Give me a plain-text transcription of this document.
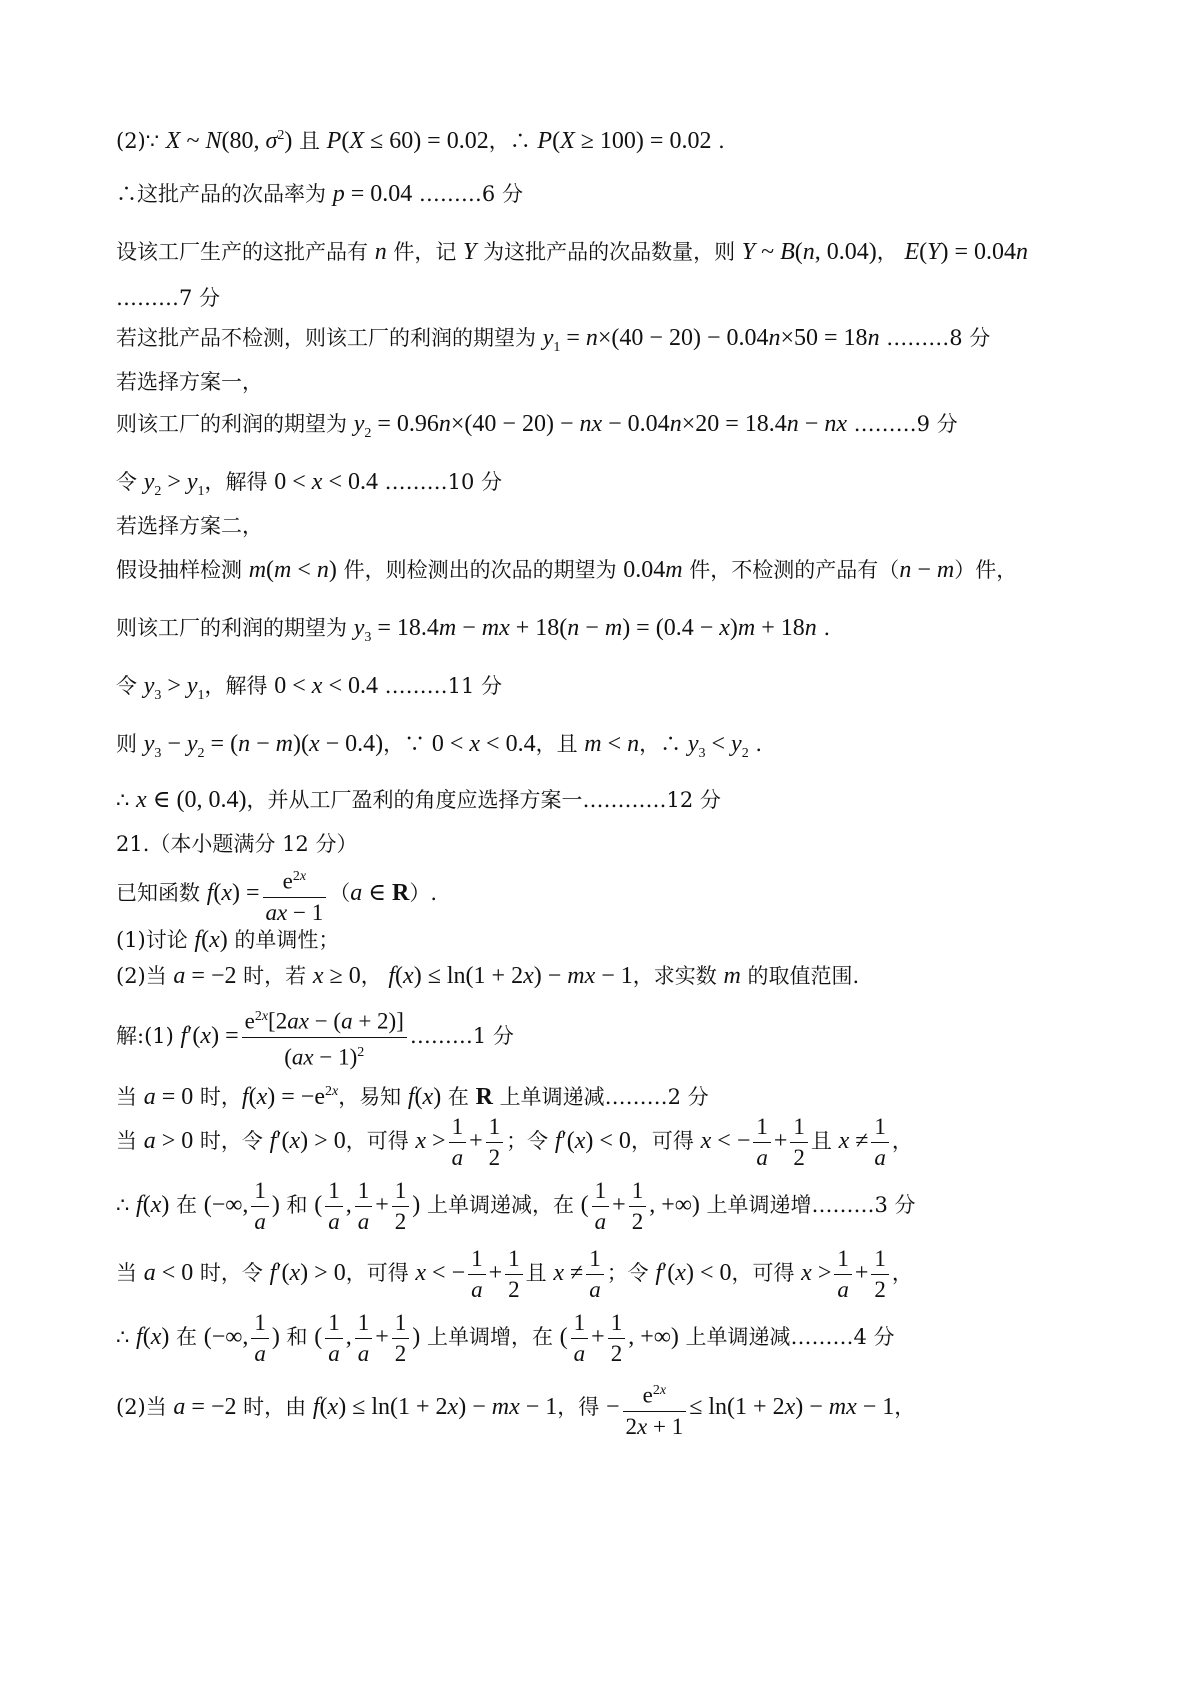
(2)∵ X ~ N(80, $\sigma^2$) 且 P(X ≤ 60) = 0.02，∴ P(X ≥ 100) = 0.02 .
∴这批产品的次品率为 p = 0.04 ………6 分
设该工厂生产的这批产品有 n 件，记 Y 为这批产品的次品数量，则 Y ~ B(n, 0.04)， E(Y) = 0.04n
………7 分
若这批产品不检测，则该工厂的利润的期望为 $y_1 = n\times(40 - 20) - 0.04n\times 50 = 18n$ ………8 分
若选择方案一，
则该工厂的利润的期望为 $y_2 = 0.96n\times(40 - 20)$ − nx − 0.04n×20 = 18.4n − nx ………9 分
令 $y_2 > y_1$，解得 0 < x < 0.4 ………10 分
若选择方案二，
假设抽样检测 m(m < n) 件，则检测出的次品的期望为 0.04m 件，不检测的产品有（n − m）件，
则该工厂的利润的期望为 $y_3 = 18.4m$ − mx + 18(n − m) = (0.4 − x)m + 18n .
令 $y_3 > y_1$，解得 0 < x < 0.4 ………11 分
则 $y_3 - y_2 = (n - m)(x - 0.4)$，∵ 0 < x < 0.4，且 m < n，∴ $y_3 < y_2$ .
∴ x ∈ (0, 0.4)，并从工厂盈利的角度应选择方案一…………12 分
21.（本小题满分 12 分）
已知函数 $f(x) = \frac{e^{2x}}{ax - 1} (a$ ∈ R）.
(1)讨论 f(x) 的单调性；
(2)当 a = −2 时，若 x ≥ 0， f(x) ≤ ln(1 + 2x) − mx − 1，求实数 m 的取值范围.
解:(1) $f'(x) = \frac{e^{2x}[2ax - (a + 2)]}{(ax - 1)^2}$ ………1 分
当 a = 0 时，$f(x) = -e^{2x}$，易知 f(x) 在 R 上单调递减………2 分
当 a > 0 时，令 f′(x) > 0，可得 $x > \frac{1}{a} + \frac{1}{2}$ ；令 f′(x) < 0，可得 x < − $\frac{1}{a} + \frac{1}{2}$ 且 $x \ne \frac{1}{a}$ ，
∴ f(x) 在 (−∞, $\frac{1}{a}$ ) 和 ( $\frac{1}{a}$ , $\frac{1}{a} + \frac{1}{2}$ ) 上单调递减，在 ( $\frac{1}{a} + \frac{1}{2}$ , +∞) 上单调递增………3 分
当 a < 0 时，令 f′(x) > 0，可得 x < − $\frac{1}{a} + \frac{1}{2}$ 且 $x \ne \frac{1}{a}$ ；令 f′(x) < 0，可得 $x > \frac{1}{a} + \frac{1}{2}$ ，
∴ f(x) 在 (−∞, $\frac{1}{a}$ ) 和 ( $\frac{1}{a}$ , $\frac{1}{a} + \frac{1}{2}$ ) 上单调增，在 ( $\frac{1}{a} + \frac{1}{2}$ , +∞) 上单调递减………4 分
(2)当 a = −2 时，由 f(x) ≤ ln(1 + 2x) − mx − 1，得 − $\frac{e^{2x}}{2x + 1} \le \ln(1 + 2x)$ − mx − 1，
